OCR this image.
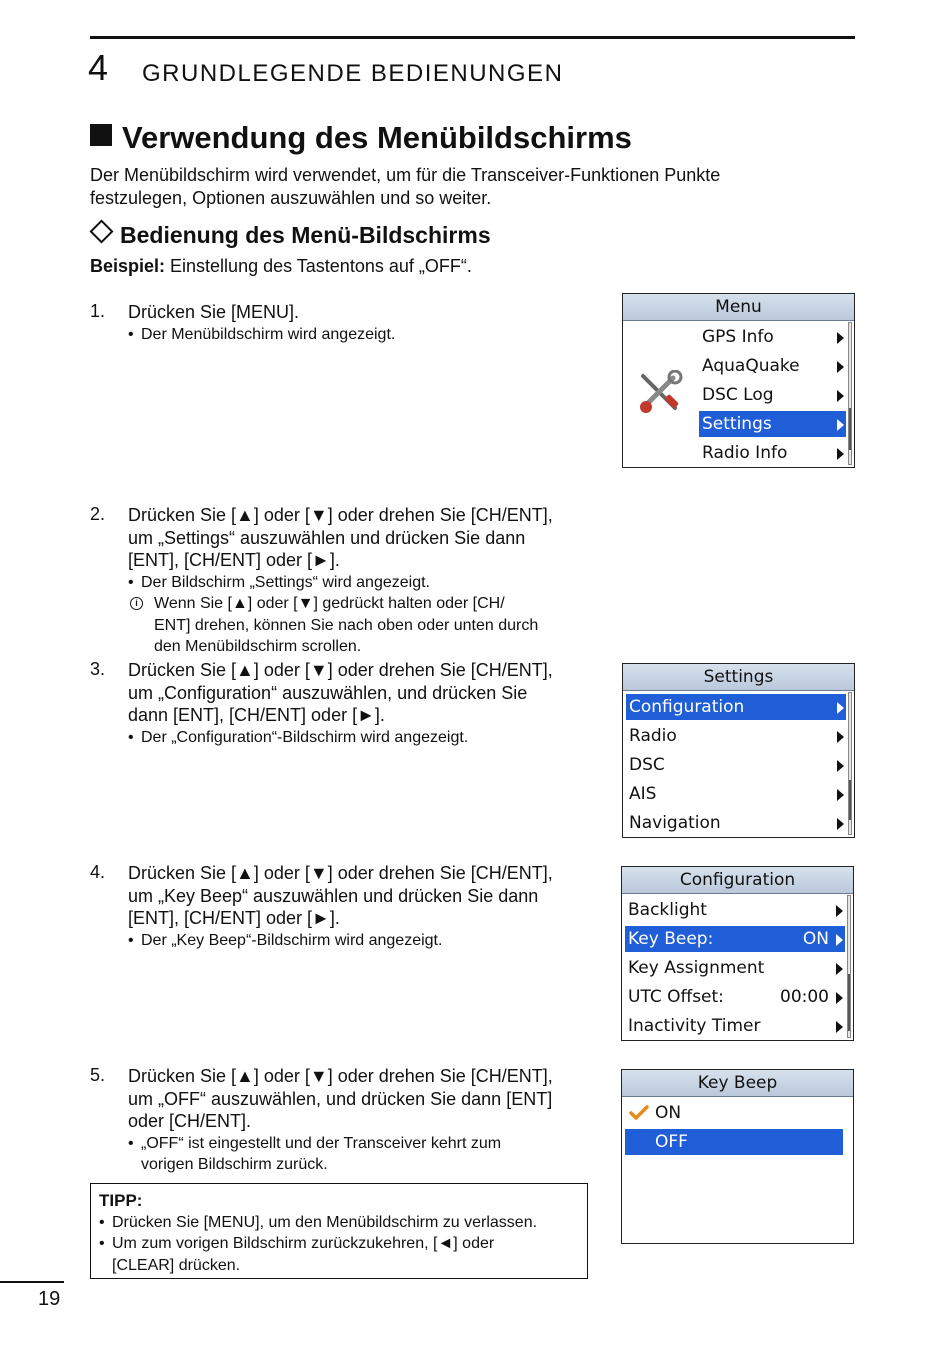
4 GRUNDLEGENDE BEDIENUNGEN
Verwendung des Menübildschirms
Der Menübildschirm wird verwendet, um für die Transceiver-Funktionen Punkte festzulegen, Optionen auszuwählen und so weiter.
Bedienung des Menü-Bildschirms
Beispiel: Einstellung des Tastentons auf „OFF“.
1. Drücken Sie [MENU].
• Der Menübildschirm wird angezeigt.
2. Drücken Sie [▲] oder [▼] oder drehen Sie [CH/ENT],
um „Settings“ auszuwählen und drücken Sie dann
[ENT], [CH/ENT] oder [►].
• Der Bildschirm „Settings“ wird angezeigt.
i	Wenn Sie [▲] oder [▼] gedrückt halten oder [CH/
ENT] drehen, können Sie nach oben oder unten durch
den Menübildschirm scrollen.
3. Drücken Sie [▲] oder [▼] oder drehen Sie [CH/ENT],
um „Configuration“ auszuwählen, und drücken Sie
dann [ENT], [CH/ENT] oder [►].
• Der „Configuration“-Bildschirm wird angezeigt.
4. Drücken Sie [▲] oder [▼] oder drehen Sie [CH/ENT],
um „Key Beep“ auszuwählen und drücken Sie dann
[ENT], [CH/ENT] oder [►].
• Der „Key Beep“-Bildschirm wird angezeigt.
5. Drücken Sie [▲] oder [▼] oder drehen Sie [CH/ENT],
um „OFF“ auszuwählen, und drücken Sie dann [ENT]
oder [CH/ENT].
• „OFF“ ist eingestellt und der Transceiver kehrt zum
vorigen Bildschirm zurück.
TIPP:
• Drücken Sie [MENU], um den Menübildschirm zu verlassen.
• Um zum vorigen Bildschirm zurückzukehren, [◄] oder
[CLEAR] drücken.
19
Menu
GPS Info
AquaQuake
DSC Log
Settings
Radio Info
Settings
Configuration
Radio
DSC
AIS
Navigation
Configuration
Backlight
Key Beep:	ON
Key Assignment
UTC Offset:	00:00
Inactivity Timer
Key Beep
ON
OFF
